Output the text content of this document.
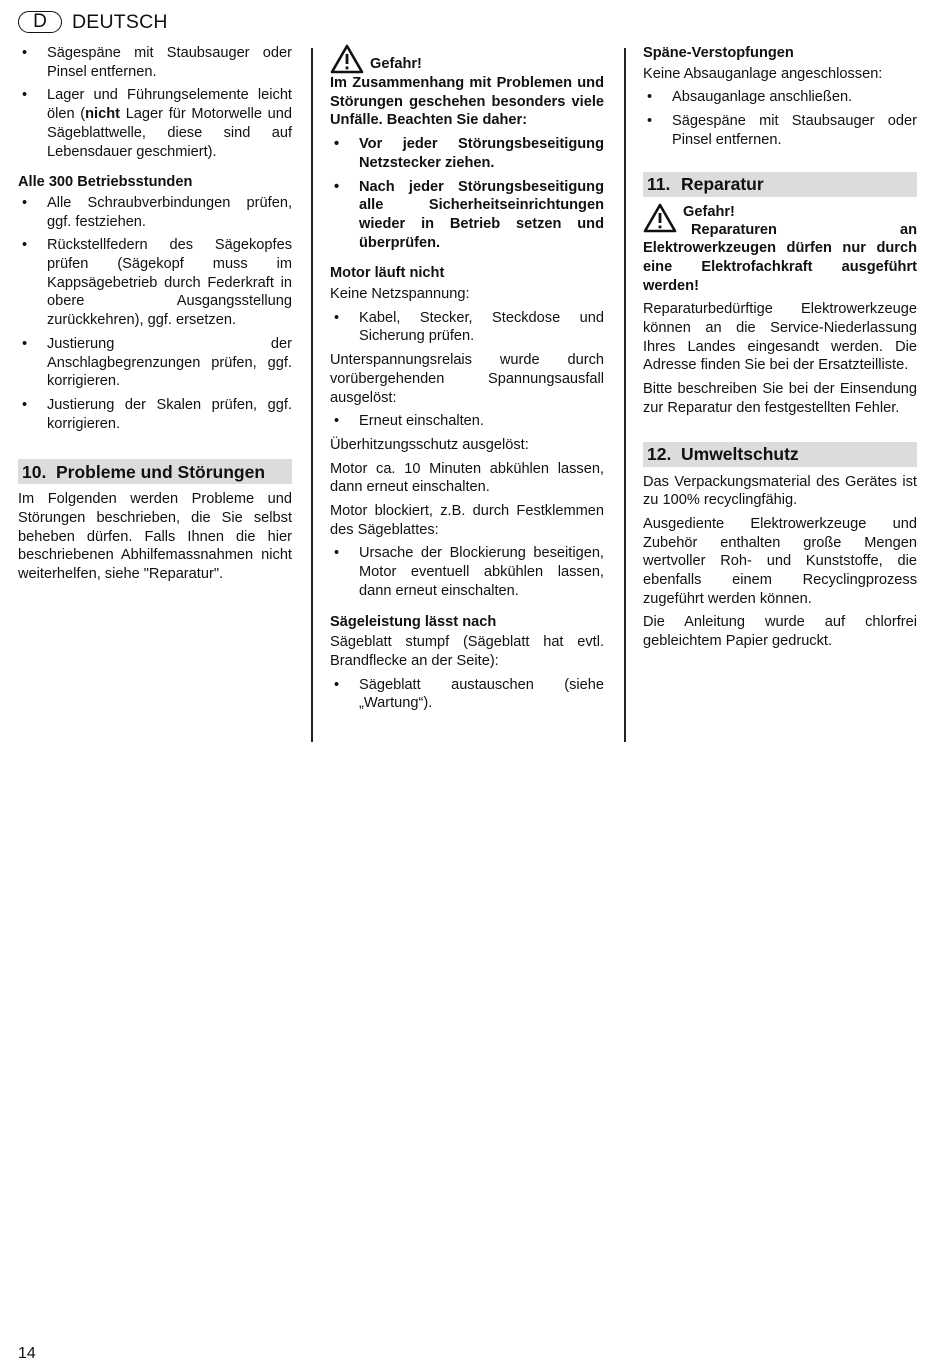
D	DEUTSCH
• Sägespäne mit Staubsauger oder Pinsel entfernen.
• Lager und Führungselemente leicht ölen (nicht Lager für Motorwelle und Sägeblattwelle, diese sind auf Lebensdauer geschmiert).

Alle 300 Betriebsstunden

• Alle Schraubverbindungen prüfen, ggf. festziehen.
• Rückstellfedern des Sägekopfes prüfen (Sägekopf muss im Kappsägebetrieb durch Federkraft in obere Ausgangsstellung zurückkehren), ggf. ersetzen.
• Justierung der Anschlagbegrenzungen prüfen, ggf. korrigieren.
• Justierung der Skalen prüfen, ggf. korrigieren.
10. Probleme und Störungen

Im Folgenden werden Probleme und Störungen beschrieben, die Sie selbst beheben dürfen. Falls Ihnen die hier beschriebenen Abhilfemassnahmen nicht weiterhelfen, siehe "Reparatur".

Gefahr!

Im Zusammenhang mit Problemen und Störungen geschehen besonders viele Unfälle. Beachten Sie daher:

• Vor jeder Störungsbeseitigung Netzstecker ziehen.
• Nach jeder Störungsbeseitigung alle Sicherheitseinrichtungen wieder in Betrieb setzen und überprüfen.

Motor läuft nicht

Keine Netzspannung:

• Kabel, Stecker, Steckdose und Sicherung prüfen.

Unterspannungsrelais wurde durch vorübergehenden Spannungsausfall ausgelöst:

• Erneut einschalten.

Überhitzungsschutz ausgelöst:

Motor ca. 10 Minuten abkühlen lassen, dann erneut einschalten.

Motor blockiert, z.B. durch Festklemmen des Sägeblattes:

• Ursache der Blockierung beseitigen, Motor eventuell abkühlen lassen, dann erneut einschalten.

Sägeleistung lässt nach

Sägeblatt stumpf (Sägeblatt hat evtl. Brandflecke an der Seite):

• Sägeblatt austauschen (siehe „Wartung“).

Späne-Verstopfungen

Keine Absauganlage angeschlossen:

• Absauganlage anschließen.
• Sägespäne mit Staubsauger oder Pinsel entfernen.
11. Reparatur
Gefahr!

Reparaturen an Elektrowerkzeugen dürfen nur durch eine Elektrofachkraft ausgeführt werden!

Reparaturbedürftige Elektrowerkzeuge können an die Service-Niederlassung Ihres Landes eingesandt werden. Die Adresse finden Sie bei der Ersatzteilliste.

Bitte beschreiben Sie bei der Einsendung zur Reparatur den festgestellten Fehler.

12. Umweltschutz

Das Verpackungsmaterial des Gerätes ist zu 100% recyclingfähig.

Ausgediente Elektrowerkzeuge und Zubehör enthalten große Mengen wertvoller Roh- und Kunststoffe, die ebenfalls einem Recyclingprozess zugeführt werden können.

Die Anleitung wurde auf chlorfrei gebleichtem Papier gedruckt.

14
